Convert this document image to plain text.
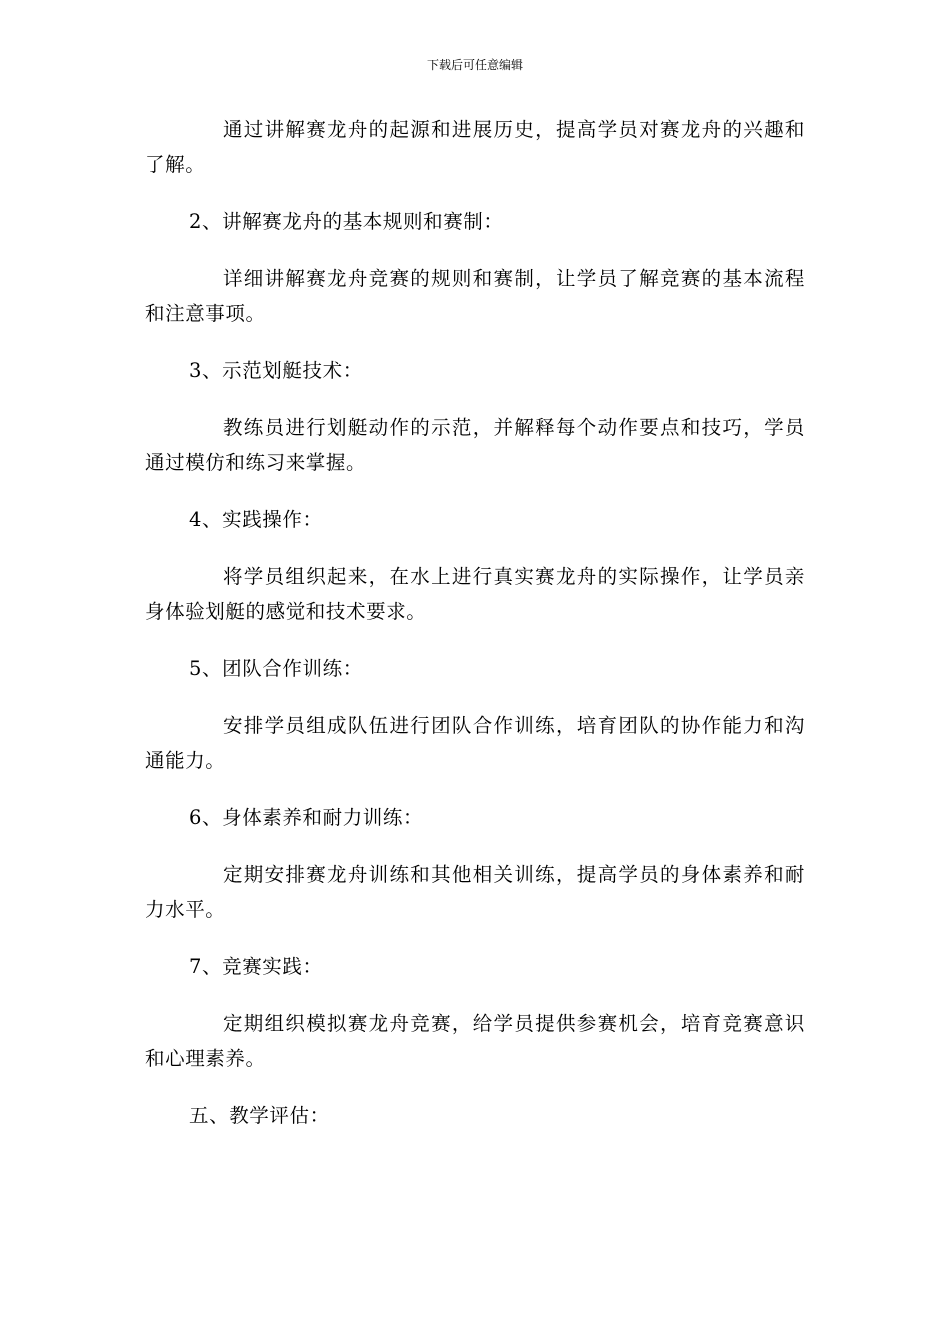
下载后可任意编辑

通过讲解赛龙舟的起源和进展历史，提高学员对赛龙舟的兴趣和了解。

2、讲解赛龙舟的基本规则和赛制：

详细讲解赛龙舟竞赛的规则和赛制，让学员了解竞赛的基本流程和注意事项。

3、示范划艇技术：

教练员进行划艇动作的示范，并解释每个动作要点和技巧，学员通过模仿和练习来掌握。

4、实践操作：

将学员组织起来，在水上进行真实赛龙舟的实际操作，让学员亲身体验划艇的感觉和技术要求。

5、团队合作训练：

安排学员组成队伍进行团队合作训练，培育团队的协作能力和沟通能力。

6、身体素养和耐力训练：

定期安排赛龙舟训练和其他相关训练，提高学员的身体素养和耐力水平。

7、竞赛实践：

定期组织模拟赛龙舟竞赛，给学员提供参赛机会，培育竞赛意识和心理素养。

五、教学评估：
